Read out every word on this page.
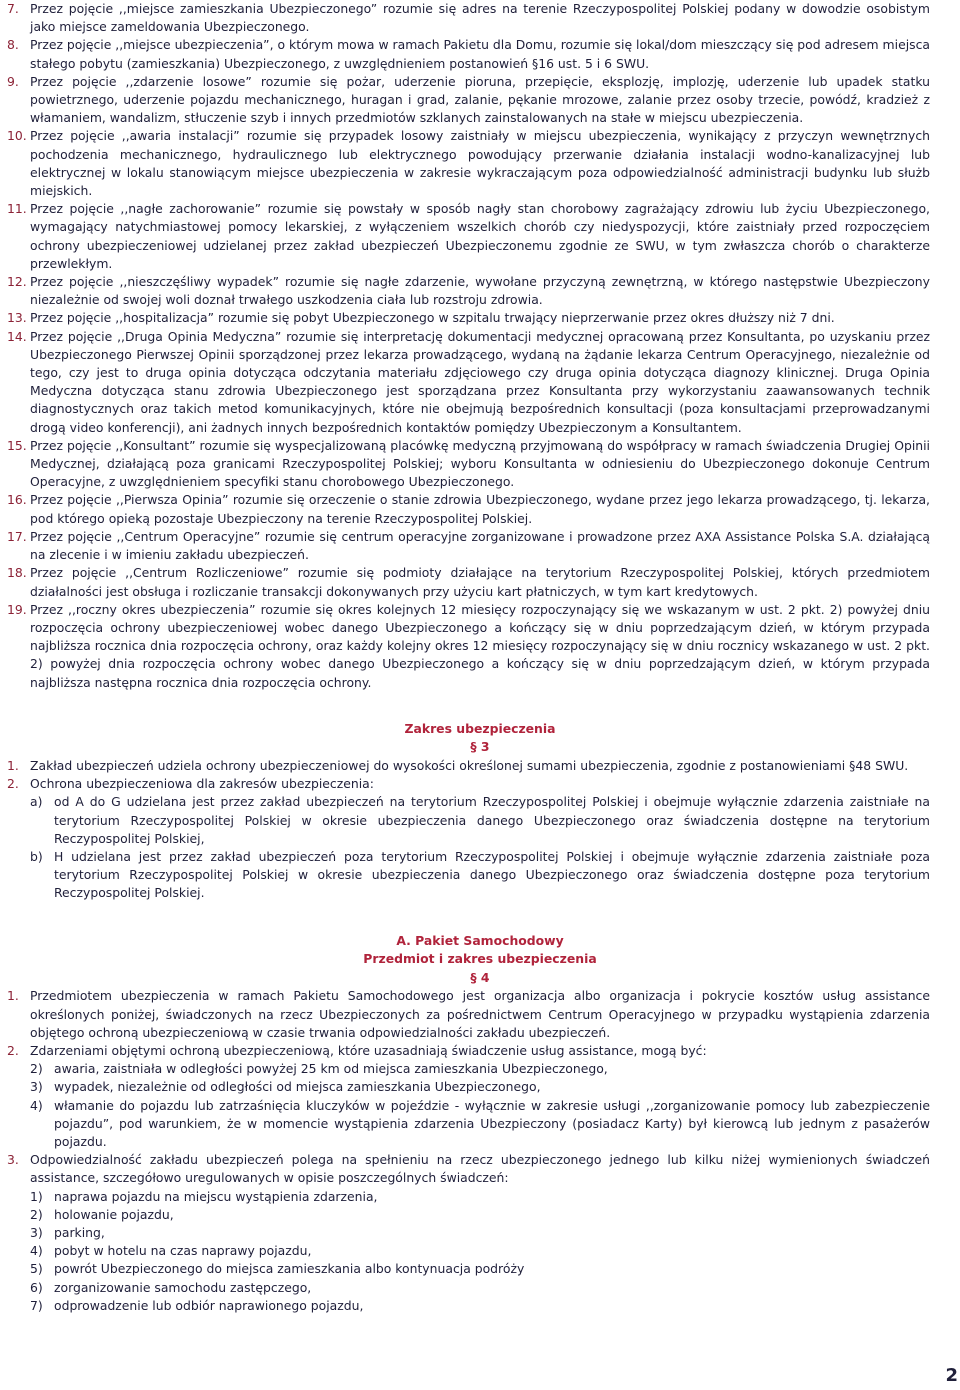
7. Przez pojęcie ,,miejsce zamieszkania Ubezpieczonego” rozumie się adres na terenie Rzeczypospolitej Polskiej podany w dowodzie osobistym jako miejsce zameldowania Ubezpieczonego.

8. Przez pojęcie ,,miejsce ubezpieczenia”, o którym mowa w ramach Pakietu dla Domu, rozumie się lokal/dom mieszczący się pod adresem miejsca stałego pobytu (zamieszkania) Ubezpieczonego, z uwzględnieniem postanowień §16 ust. 5 i 6 SWU.

9. Przez pojęcie ,,zdarzenie losowe” rozumie się pożar, uderzenie pioruna, przepięcie, eksplozję, implozję, uderzenie lub upadek statku powietrznego, uderzenie pojazdu mechanicznego, huragan i grad, zalanie, pękanie mrozowe, zalanie przez osoby trzecie, powódź, kradzież z włamaniem, wandalizm, stłuczenie szyb i innych przedmiotów szklanych zainstalowanych na stałe w miejscu ubezpieczenia.

10. Przez pojęcie ,,awaria instalacji” rozumie się przypadek losowy zaistniały w miejscu ubezpieczenia, wynikający z przyczyn wewnętrznych pochodzenia mechanicznego, hydraulicznego lub elektrycznego powodujący przerwanie działania instalacji wodno-kanalizacyjnej lub elektrycznej w lokalu stanowiącym miejsce ubezpieczenia w zakresie wykraczającym poza odpowiedzialność administracji budynku lub służb miejskich.

11. Przez pojęcie ,,nagłe zachorowanie” rozumie się powstały w sposób nagły stan chorobowy zagrażający zdrowiu lub życiu Ubezpieczonego, wymagający natychmiastowej pomocy lekarskiej, z wyłączeniem wszelkich chorób czy niedyspozycji, które zaistniały przed rozpoczęciem ochrony ubezpieczeniowej udzielanej przez zakład ubezpieczeń Ubezpieczonemu zgodnie ze SWU, w tym zwłaszcza chorób o charakterze przewlekłym.

12. Przez pojęcie ,,nieszczęśliwy wypadek” rozumie się nagłe zdarzenie, wywołane przyczyną zewnętrzną, w którego następstwie Ubezpieczony niezależnie od swojej woli doznał trwałego uszkodzenia ciała lub rozstroju zdrowia.

13. Przez pojęcie ,,hospitalizacja” rozumie się pobyt Ubezpieczonego w szpitalu trwający nieprzerwanie przez okres dłuższy niż 7 dni.

14. Przez pojęcie ,,Druga Opinia Medyczna” rozumie się interpretację dokumentacji medycznej opracowaną przez Konsultanta, po uzyskaniu przez Ubezpieczonego Pierwszej Opinii sporządzonej przez lekarza prowadzącego, wydaną na żądanie lekarza Centrum Operacyjnego, niezależnie od tego, czy jest to druga opinia dotycząca odczytania materiału zdjęciowego czy druga opinia dotycząca diagnozy klinicznej. Druga Opinia Medyczna dotycząca stanu zdrowia Ubezpieczonego jest sporządzana przez Konsultanta przy wykorzystaniu zaawansowanych technik diagnostycznych oraz takich metod komunikacyjnych, które nie obejmują bezpośrednich konsultacji (poza konsultacjami przeprowadzanymi drogą video konferencji), ani żadnych innych bezpośrednich kontaktów pomiędzy Ubezpieczonym a Konsultantem.

15. Przez pojęcie ,,Konsultant” rozumie się wyspecjalizowaną placówkę medyczną przyjmowaną do współpracy w ramach świadczenia Drugiej Opinii Medycznej, działającą poza granicami Rzeczypospolitej Polskiej; wyboru Konsultanta w odniesieniu do Ubezpieczonego dokonuje Centrum Operacyjne, z uwzględnieniem specyfiki stanu chorobowego Ubezpieczonego.

16. Przez pojęcie ,,Pierwsza Opinia” rozumie się orzeczenie o stanie zdrowia Ubezpieczonego, wydane przez jego lekarza prowadzącego, tj. lekarza, pod którego opieką pozostaje Ubezpieczony na terenie Rzeczypospolitej Polskiej.

17. Przez pojęcie ,,Centrum Operacyjne” rozumie się centrum operacyjne zorganizowane i prowadzone przez AXA Assistance Polska S.A. działającą na zlecenie i w imieniu zakładu ubezpieczeń.

18. Przez pojęcie ,,Centrum Rozliczeniowe” rozumie się podmioty działające na terytorium Rzeczypospolitej Polskiej, których przedmiotem działalności jest obsługa i rozliczanie transakcji dokonywanych przy użyciu kart płatniczych, w tym kart kredytowych.

19. Przez ,,roczny okres ubezpieczenia” rozumie się okres kolejnych 12 miesięcy rozpoczynający się we wskazanym w ust. 2 pkt. 2) powyżej dniu rozpoczęcia ochrony ubezpieczeniowej wobec danego Ubezpieczonego a kończący się w dniu poprzedzającym dzień, w którym przypada najbliższa rocznica dnia rozpoczęcia ochrony, oraz każdy kolejny okres 12 miesięcy rozpoczynający się w dniu rocznicy wskazanego w ust. 2 pkt. 2) powyżej dnia rozpoczęcia ochrony wobec danego Ubezpieczonego a kończący się w dniu poprzedzającym dzień, w którym przypada najbliższa następna rocznica dnia rozpoczęcia ochrony.

Zakres ubezpieczenia
§ 3
1. Zakład ubezpieczeń udziela ochrony ubezpieczeniowej do wysokości określonej sumami ubezpieczenia, zgodnie z postanowieniami §48 SWU.

2. Ochrona ubezpieczeniowa dla zakresów ubezpieczenia:

a) od A do G udzielana jest przez zakład ubezpieczeń na terytorium Rzeczypospolitej Polskiej i obejmuje wyłącznie zdarzenia zaistniałe na terytorium Rzeczypospolitej Polskiej w okresie ubezpieczenia danego Ubezpieczonego oraz świadczenia dostępne na terytorium Reczypospolitej Polskiej,

b) H udzielana jest przez zakład ubezpieczeń poza terytorium Rzeczypospolitej Polskiej i obejmuje wyłącznie zdarzenia zaistniałe poza terytorium Rzeczypospolitej Polskiej w okresie ubezpieczenia danego Ubezpieczonego oraz świadczenia dostępne poza terytorium Reczypospolitej Polskiej.

A. Pakiet Samochodowy
Przedmiot i zakres ubezpieczenia
§ 4
1. Przedmiotem ubezpieczenia w ramach Pakietu Samochodowego jest organizacja albo organizacja i pokrycie kosztów usług assistance określonych poniżej, świadczonych na rzecz Ubezpieczonych za pośrednictwem Centrum Operacyjnego w przypadku wystąpienia zdarzenia objętego ochroną ubezpieczeniową w czasie trwania odpowiedzialności zakładu ubezpieczeń.

2. Zdarzeniami objętymi ochroną ubezpieczeniową, które uzasadniają świadczenie usług assistance, mogą być:

2) awaria, zaistniała w odległości powyżej 25 km od miejsca zamieszkania Ubezpieczonego,

3) wypadek, niezależnie od odległości od miejsca zamieszkania Ubezpieczonego,

4) włamanie do pojazdu lub zatrzaśnięcia kluczyków w pojeździe - wyłącznie w zakresie usługi ,,zorganizowanie pomocy lub zabezpieczenie pojazdu”, pod warunkiem, że w momencie wystąpienia zdarzenia Ubezpieczony (posiadacz Karty) był kierowcą lub jednym z pasażerów pojazdu.

3. Odpowiedzialność zakładu ubezpieczeń polega na spełnieniu na rzecz ubezpieczonego jednego lub kilku niżej wymienionych świadczeń assistance, szczegółowo uregulowanych w opisie poszczególnych świadczeń:

1) naprawa pojazdu na miejscu wystąpienia zdarzenia,

2) holowanie pojazdu,

3) parking,

4) pobyt w hotelu na czas naprawy pojazdu,

5) powrót Ubezpieczonego do miejsca zamieszkania albo kontynuacja podróży

6) zorganizowanie samochodu zastępczego,

7) odprowadzenie lub odbiór naprawionego pojazdu,

2
